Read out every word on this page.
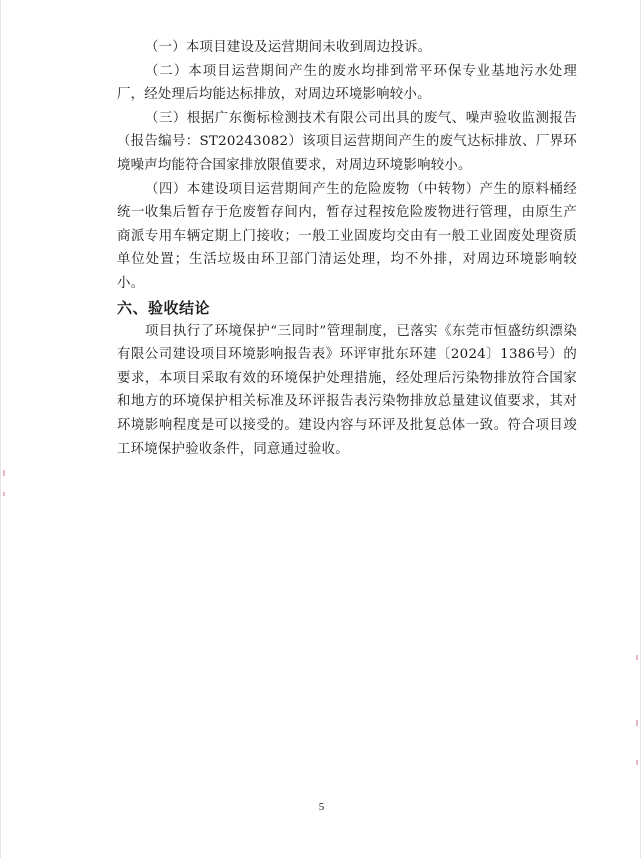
（一）本项目建设及运营期间未收到周边投诉。

（二）本项目运营期间产生的废水均排到常平环保专业基地污水处理厂，经处理后均能达标排放，对周边环境影响较小。

（三）根据广东衡标检测技术有限公司出具的废气、噪声验收监测报告（报告编号：ST20243082）该项目运营期间产生的废气达标排放、厂界环境噪声均能符合国家排放限值要求，对周边环境影响较小。

（四）本建设项目运营期间产生的危险废物（中转物）产生的原料桶经统一收集后暂存于危废暂存间内，暂存过程按危险废物进行管理，由原生产商派专用车辆定期上门接收；一般工业固废均交由有一般工业固废处理资质单位处置；生活垃圾由环卫部门清运处理，均不外排，对周边环境影响较小。

六、验收结论

项目执行了环境保护“三同时”管理制度，已落实《东莞市恒盛纺织漂染有限公司建设项目环境影响报告表》环评审批东环建〔2024〕1386号）的要求，本项目采取有效的环境保护处理措施，经处理后污染物排放符合国家和地方的环境保护相关标准及环评报告表污染物排放总量建议值要求，其对环境影响程度是可以接受的。建设内容与环评及批复总体一致。符合项目竣工环境保护验收条件，同意通过验收。

5
